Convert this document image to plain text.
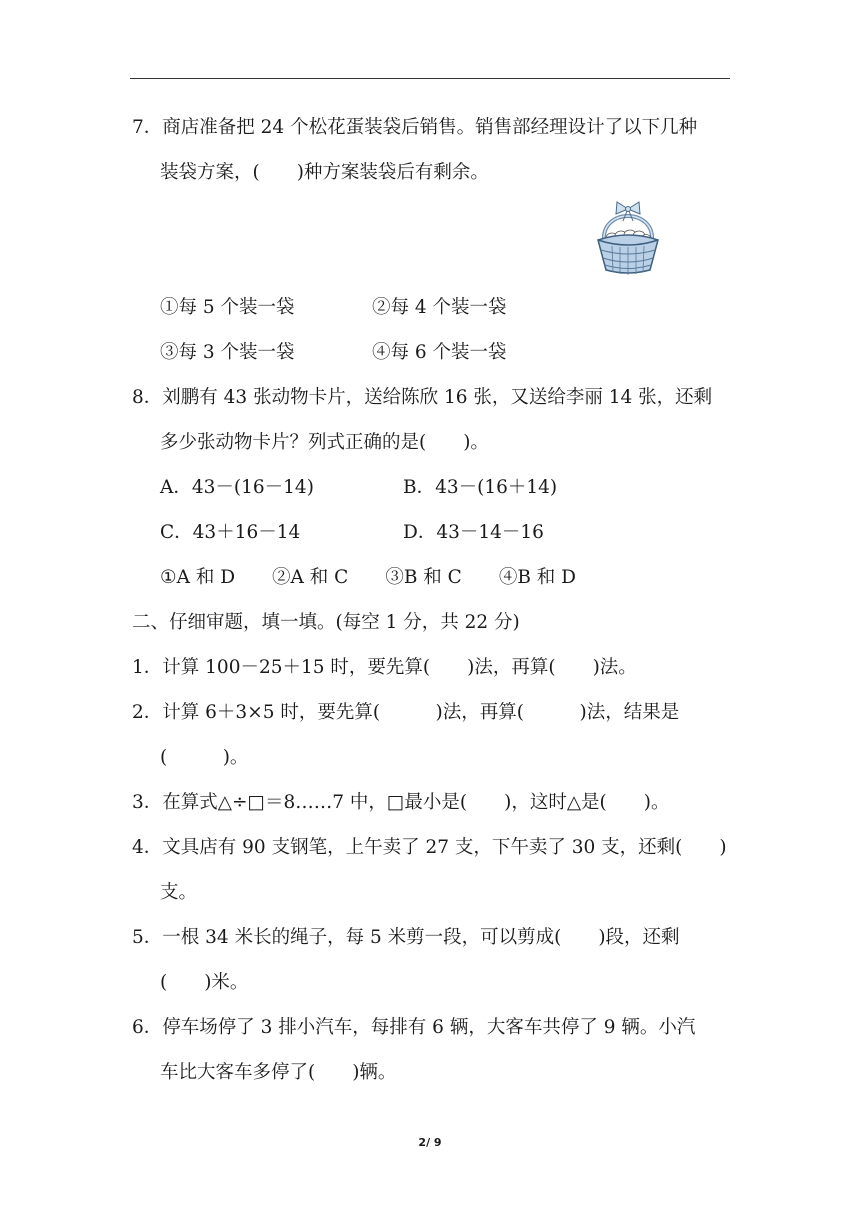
7．商店准备把 24 个松花蛋装袋后销售。销售部经理设计了以下几种
装袋方案，(　　)种方案装袋后有剩余。
①每 5 个装一袋	②每 4 个装一袋
③每 3 个装一袋	④每 6 个装一袋
8．刘鹏有 43 张动物卡片，送给陈欣 16 张，又送给李丽 14 张，还剩
多少张动物卡片？列式正确的是(　　)。
A．43－(16－14)	B．43－(16＋14)
C．43＋16－14	D．43－14－16
①A 和 D　　②A 和 C　　③B 和 C　　④B 和 D
二、仔细审题，填一填。(每空 1 分，共 22 分)
1．计算 100－25＋15 时，要先算(　　)法，再算(　　)法。
2．计算 6＋3×5 时，要先算(　　　)法，再算(　　　)法，结果是
(　　　)。
3．在算式△÷□＝8……7 中，□最小是(　　)，这时△是(　　)。
4．文具店有 90 支钢笔，上午卖了 27 支，下午卖了 30 支，还剩(　　)
支。
5．一根 34 米长的绳子，每 5 米剪一段，可以剪成(　　)段，还剩
(　　)米。
6．停车场停了 3 排小汽车，每排有 6 辆，大客车共停了 9 辆。小汽
车比大客车多停了(　　)辆。
2/ 9
